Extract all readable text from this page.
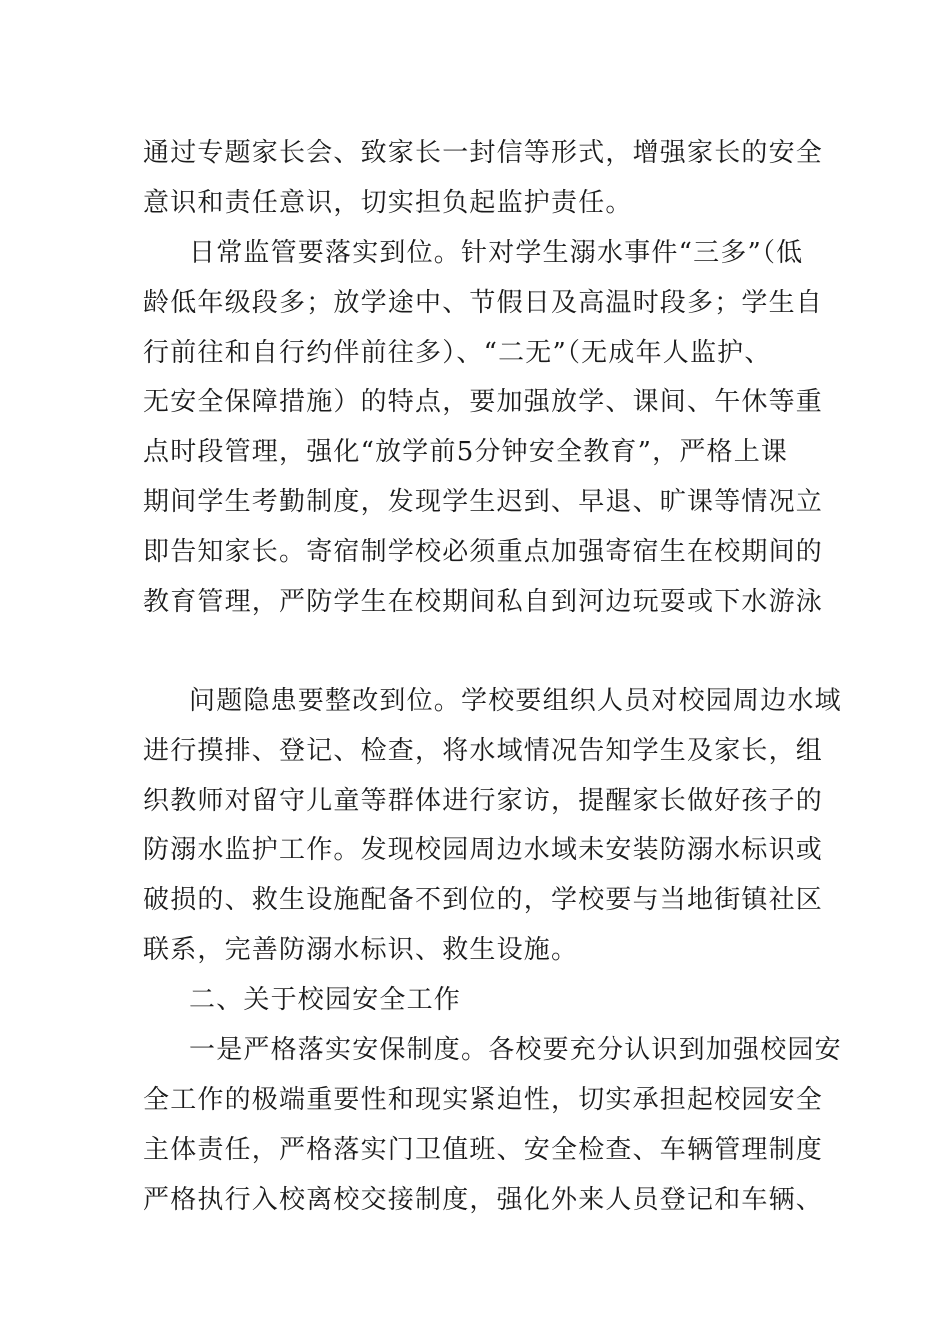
通过专题家长会、致家长一封信等形式，增强家长的安全
意识和责任意识，切实担负起监护责任。
日常监管要落实到位。针对学生溺水事件“三多”（低
龄低年级段多；放学途中、节假日及高温时段多；学生自
行前往和自行约伴前往多）、“二无”（无成年人监护、
无安全保障措施）的特点，要加强放学、课间、午休等重
点时段管理，强化“放学前5分钟安全教育”，严格上课
期间学生考勤制度，发现学生迟到、早退、旷课等情况立
即告知家长。寄宿制学校必须重点加强寄宿生在校期间的
教育管理，严防学生在校期间私自到河边玩耍或下水游泳
问题隐患要整改到位。学校要组织人员对校园周边水域
进行摸排、登记、检查，将水域情况告知学生及家长，组
织教师对留守儿童等群体进行家访，提醒家长做好孩子的
防溺水监护工作。发现校园周边水域未安装防溺水标识或
破损的、救生设施配备不到位的，学校要与当地街镇社区
联系，完善防溺水标识、救生设施。
二、关于校园安全工作
一是严格落实安保制度。各校要充分认识到加强校园安
全工作的极端重要性和现实紧迫性，切实承担起校园安全
主体责任，严格落实门卫值班、安全检查、车辆管理制度
严格执行入校离校交接制度，强化外来人员登记和车辆、
